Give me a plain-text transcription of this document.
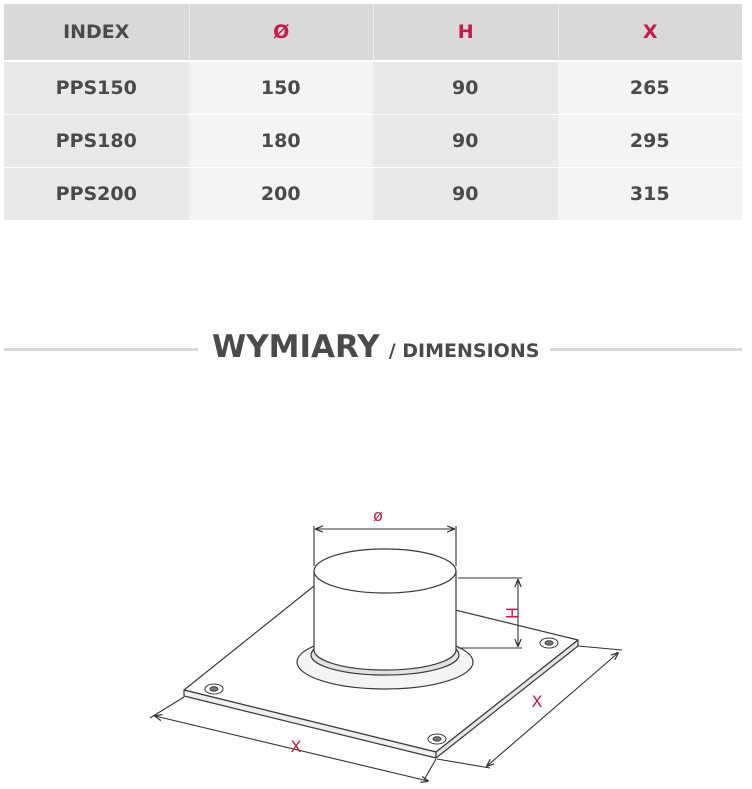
INDEX	Ø	H	X
PPS150	150	90	265
PPS180	180	90	295
PPS200	200	90	315
WYMIARY / DIMENSIONS
ø
H
X
X
